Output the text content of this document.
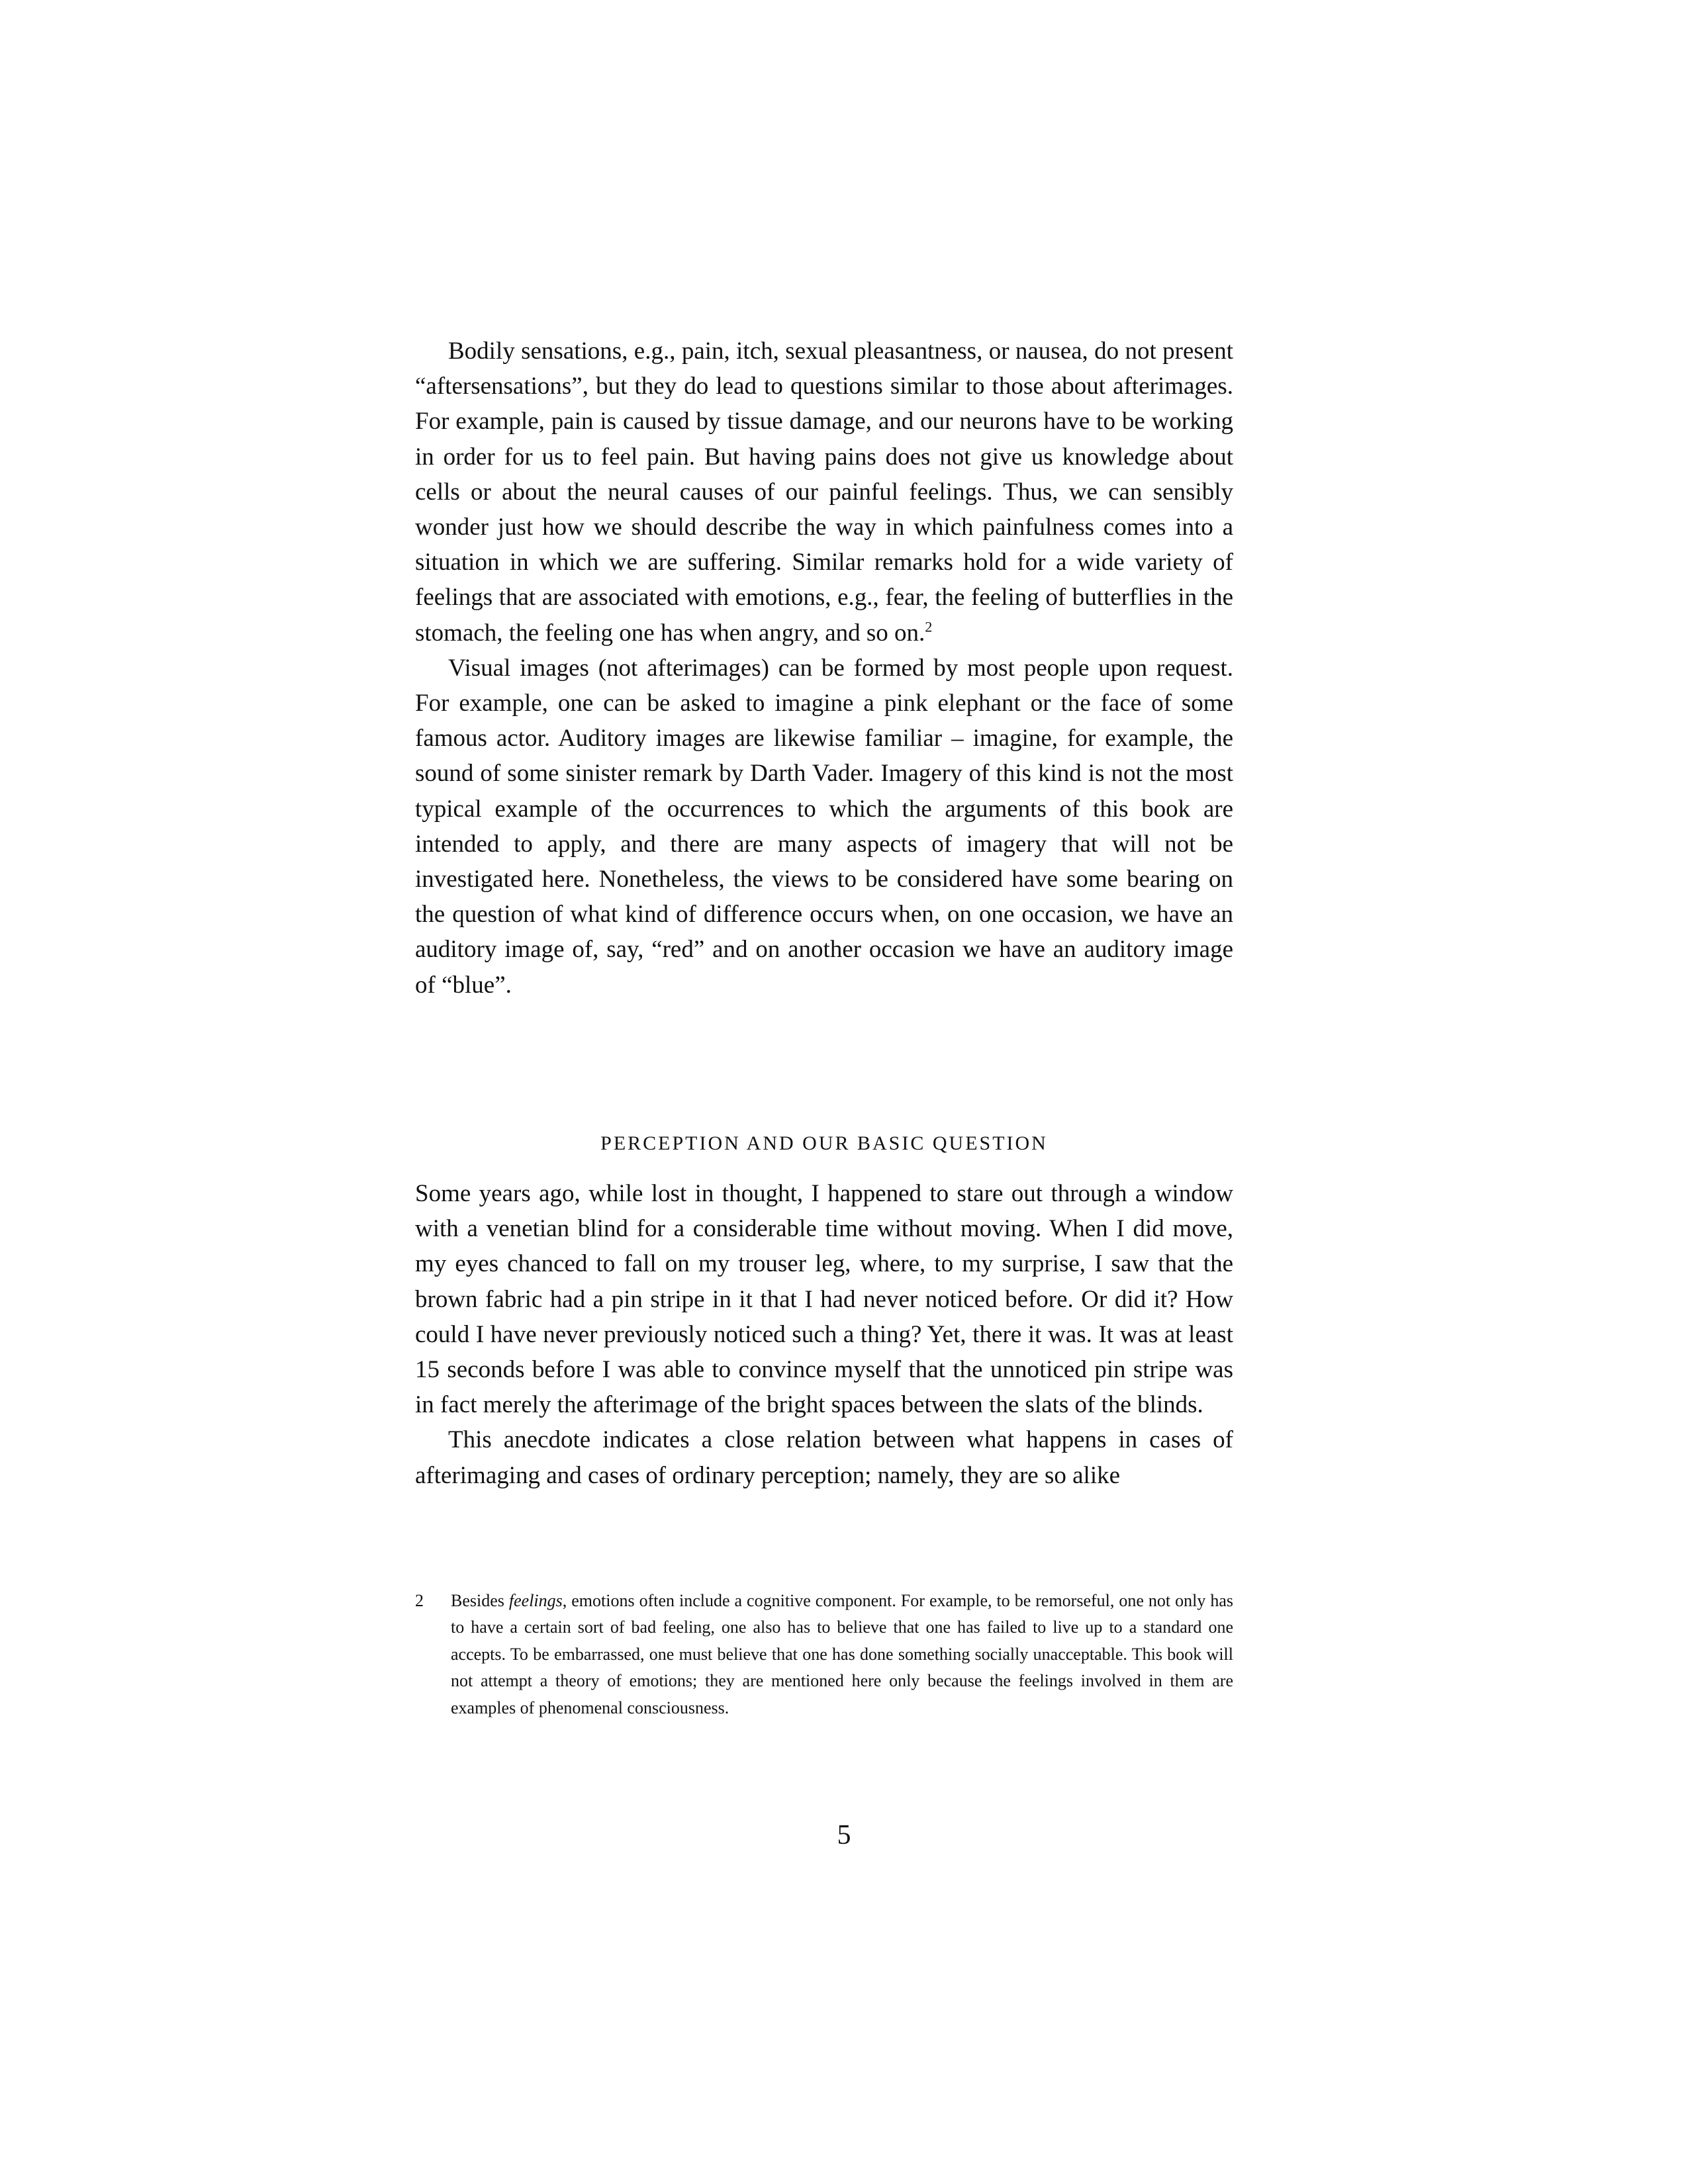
Bodily sensations, e.g., pain, itch, sexual pleasantness, or nausea, do not present “aftersensations”, but they do lead to questions similar to those about afterimages. For example, pain is caused by tissue damage, and our neurons have to be working in order for us to feel pain. But having pains does not give us knowledge about cells or about the neural causes of our painful feelings. Thus, we can sensibly wonder just how we should describe the way in which painfulness comes into a situation in which we are suffering. Similar remarks hold for a wide variety of feelings that are associated with emotions, e.g., fear, the feeling of butterflies in the stomach, the feeling one has when angry, and so on.$^2$

Visual images (not afterimages) can be formed by most people upon request. For example, one can be asked to imagine a pink elephant or the face of some famous actor. Auditory images are likewise familiar – imagine, for example, the sound of some sinister remark by Darth Vader. Imagery of this kind is not the most typical example of the occurrences to which the arguments of this book are intended to apply, and there are many aspects of imagery that will not be investigated here. Nonetheless, the views to be considered have some bearing on the question of what kind of difference occurs when, on one occasion, we have an auditory image of, say, “red” and on another occasion we have an auditory image of “blue”.

PERCEPTION AND OUR BASIC QUESTION

Some years ago, while lost in thought, I happened to stare out through a window with a venetian blind for a considerable time without moving. When I did move, my eyes chanced to fall on my trouser leg, where, to my surprise, I saw that the brown fabric had a pin stripe in it that I had never noticed before. Or did it? How could I have never previously noticed such a thing? Yet, there it was. It was at least 15 seconds before I was able to convince myself that the unnoticed pin stripe was in fact merely the afterimage of the bright spaces between the slats of the blinds.

This anecdote indicates a close relation between what happens in cases of afterimaging and cases of ordinary perception; namely, they are so alike

2 Besides feelings, emotions often include a cognitive component. For example, to be remorseful, one not only has to have a certain sort of bad feeling, one also has to believe that one has failed to live up to a standard one accepts. To be embarrassed, one must believe that one has done something socially unacceptable. This book will not attempt a theory of emotions; they are mentioned here only because the feelings involved in them are examples of phenomenal consciousness.
5
